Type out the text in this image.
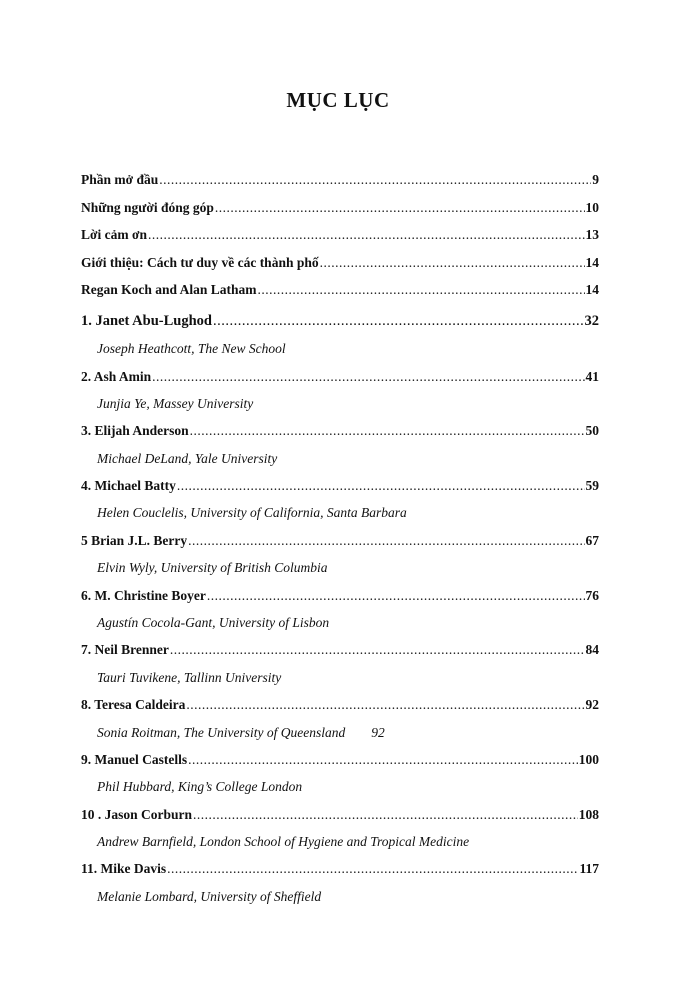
MỤC LỤC
Phần mở đầu .....	9
Những người đóng góp .....	10
Lời cảm ơn .....	13
Giới thiệu: Cách tư duy về các thành phố .....	14
Regan Koch and Alan Latham .....	14
1. Janet Abu-Lughod .....	32
Joseph Heathcott, The New School
2. Ash Amin .....	41
Junjia Ye, Massey University
3. Elijah Anderson .....	50
Michael DeLand, Yale University
4. Michael Batty .....	59
Helen Couclelis, University of California, Santa Barbara
5 Brian J.L. Berry .....	67
Elvin Wyly, University of British Columbia
6. M. Christine Boyer .....	76
Agustín Cocola-Gant, University of Lisbon
7. Neil Brenner .....	84
Tauri Tuvikene, Tallinn University
8. Teresa Caldeira .....	92
Sonia Roitman, The University of Queensland 92
9. Manuel Castells .....	100
Phil Hubbard, King’s College London
10 . Jason Corburn .....	108
Andrew Barnfield, London School of Hygiene and Tropical Medicine
11. Mike Davis .....	117
Melanie Lombard, University of Sheffield
